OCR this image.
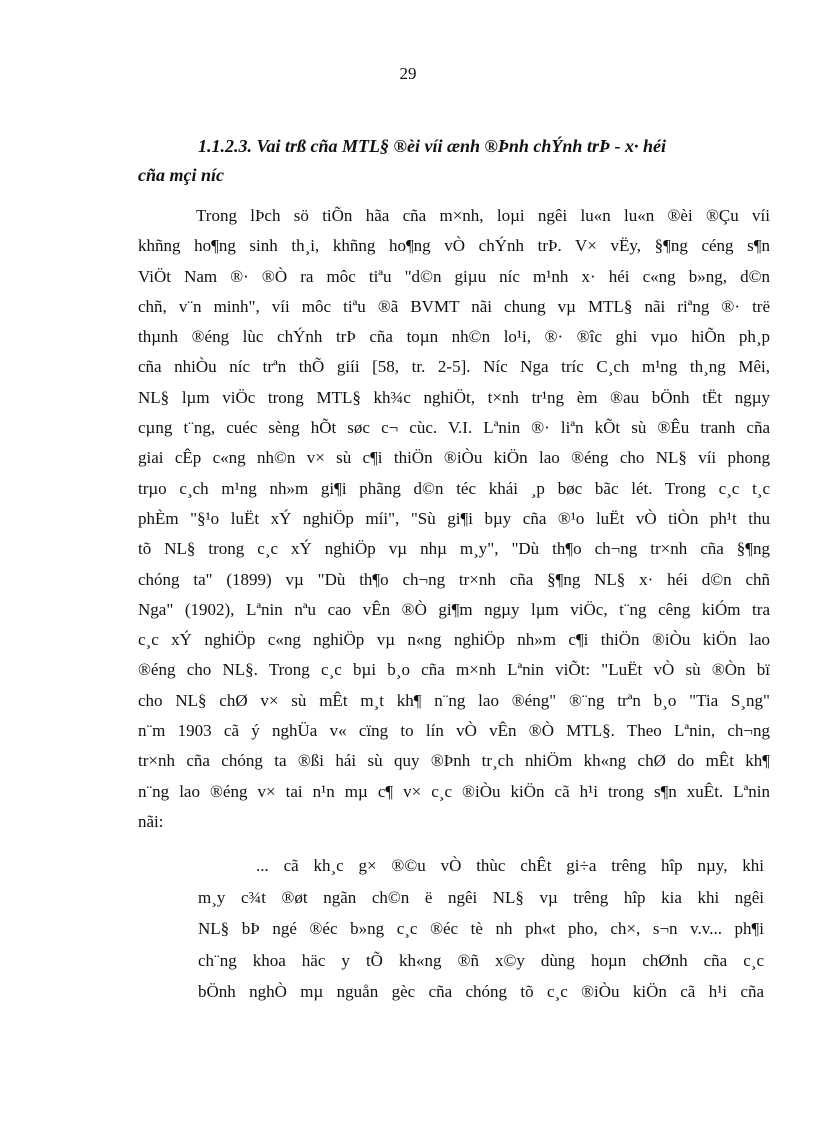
29
1.1.2.3. Vai trß cña MTL§ ®èi víi ænh ®Þnh chÝnh trÞ - x· héi
cña mçi níc
Trong lÞch sö tiÕn hãa cña m×nh, loµi ngêi lu«n lu«n ®èi ®Çu víi
khñng ho¶ng sinh th¸i, khñng ho¶ng vÒ chÝnh trÞ. V× vËy, §¶ng céng s¶n
ViÖt Nam ®· ®Ò ra môc tiªu "d©n giµu níc m¹nh x· héi c«ng b»ng, d©n
chñ, v¨n minh", víi môc tiªu ®ã BVMT nãi chung vµ MTL§ nãi riªng ®· trë
thµnh ®éng lùc chÝnh trÞ cña toµn nh©n lo¹i, ®· ®îc ghi vµo hiÕn ph¸p
cña nhiÒu níc trªn thÕ giíi [58, tr. 2-5]. Níc Nga tríc C¸ch m¹ng th¸ng Mêi,
NL§ lµm viÖc trong MTL§ kh¾c nghiÖt, t×nh tr¹ng èm ®au bÖnh tËt ngµy
cµng t¨ng, cuéc sèng hÕt søc c¬ cùc. V.I. Lªnin ®· liªn kÕt sù ®Êu tranh cña
giai cÊp c«ng nh©n v× sù c¶i thiÖn ®iÒu kiÖn lao ®éng cho NL§ víi phong
trµo c¸ch m¹ng nh»m gi¶i phãng d©n téc khái ¸p bøc bãc lét. Trong c¸c t¸c
phÈm "§¹o luËt xÝ nghiÖp míi", "Sù gi¶i bµy cña ®¹o luËt vÒ tiÒn ph¹t thu
tõ NL§ trong c¸c xÝ nghiÖp vµ nhµ m¸y", "Dù th¶o ch¬ng tr×nh cña §¶ng
chóng ta" (1899) vµ "Dù th¶o ch¬ng tr×nh cña §¶ng NL§ x· héi d©n chñ
Nga" (1902), Lªnin nªu cao vÊn ®Ò gi¶m ngµy lµm viÖc, t¨ng cêng kiÓm tra
c¸c xÝ nghiÖp c«ng nghiÖp vµ n«ng nghiÖp nh»m c¶i thiÖn ®iÒu kiÖn lao
®éng cho NL§. Trong c¸c bµi b¸o cña m×nh Lªnin viÕt: "LuËt vÒ sù ®Òn bï
cho NL§ chØ v× sù mÊt m¸t kh¶ n¨ng lao ®éng" ®¨ng trªn b¸o "Tia S¸ng"
n¨m 1903 cã ý nghÜa v« cïng to lín vÒ vÊn ®Ò MTL§. Theo Lªnin, ch¬ng
tr×nh cña chóng ta ®ßi hái sù quy ®Þnh tr¸ch nhiÖm kh«ng chØ do mÊt kh¶
n¨ng lao ®éng v× tai n¹n mµ c¶ v× c¸c ®iÒu kiÖn cã h¹i trong s¶n xuÊt. Lªnin
nãi:
... cã kh¸c g× ®©u vÒ thùc chÊt gi÷a trêng hîp nµy, khi
m¸y c¾t ®øt ngãn ch©n ë ngêi NL§ vµ trêng hîp kia khi ngêi
NL§ bÞ ngé ®éc b»ng c¸c ®éc tè nh ph«t pho, ch×, s¬n v.v... ph¶i
ch¨ng khoa häc y tÕ kh«ng ®ñ x©y dùng hoµn chØnh cña c¸c
bÖnh nghÒ mµ nguån gèc cña chóng tõ c¸c ®iÒu kiÖn cã h¹i cña
